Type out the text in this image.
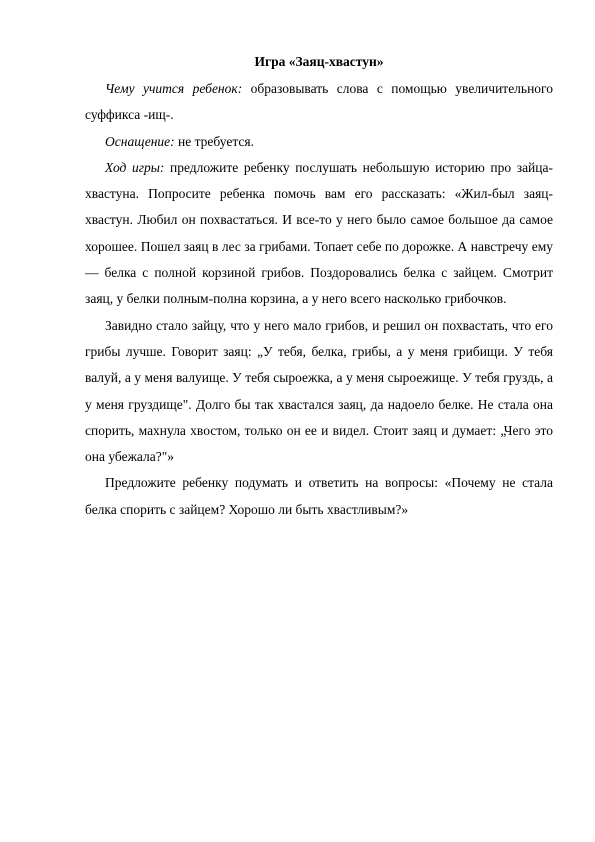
Игра «Заяц-хвастун»

Чему учится ребенок: образовывать слова с помощью увеличительного суффикса -ищ-.

Оснащение: не требуется.

Ход игры: предложите ребенку послушать небольшую историю про зайца-хвастуна. Попросите ребенка помочь вам его рассказать: «Жил-был заяц-хвастун. Любил он похвастаться. И все-то у него было самое большое да самое хорошее. Пошел заяц в лес за грибами. Топает себе по дорожке. А навстречу ему — белка с полной корзиной грибов. Поздоровались белка с зайцем. Смотрит заяц, у белки полным-полна корзина, а у него всего насколько грибочков.

Завидно стало зайцу, что у него мало грибов, и решил он похвастать, что его грибы лучше. Говорит заяц: „У тебя, белка, грибы, а у меня грибищи. У тебя валуй, а у меня валуище. У тебя сыроежка, а у меня сыроежище. У тебя груздь, а у меня груздище". Долго бы так хвастался заяц, да надоело белке. Не стала она спорить, махнула хвостом, только он ее и видел. Стоит заяц и думает: „Чего это она убежала?"»

Предложите ребенку подумать и ответить на вопросы: «Почему не стала белка спорить с зайцем? Хорошо ли быть хвастливым?»
